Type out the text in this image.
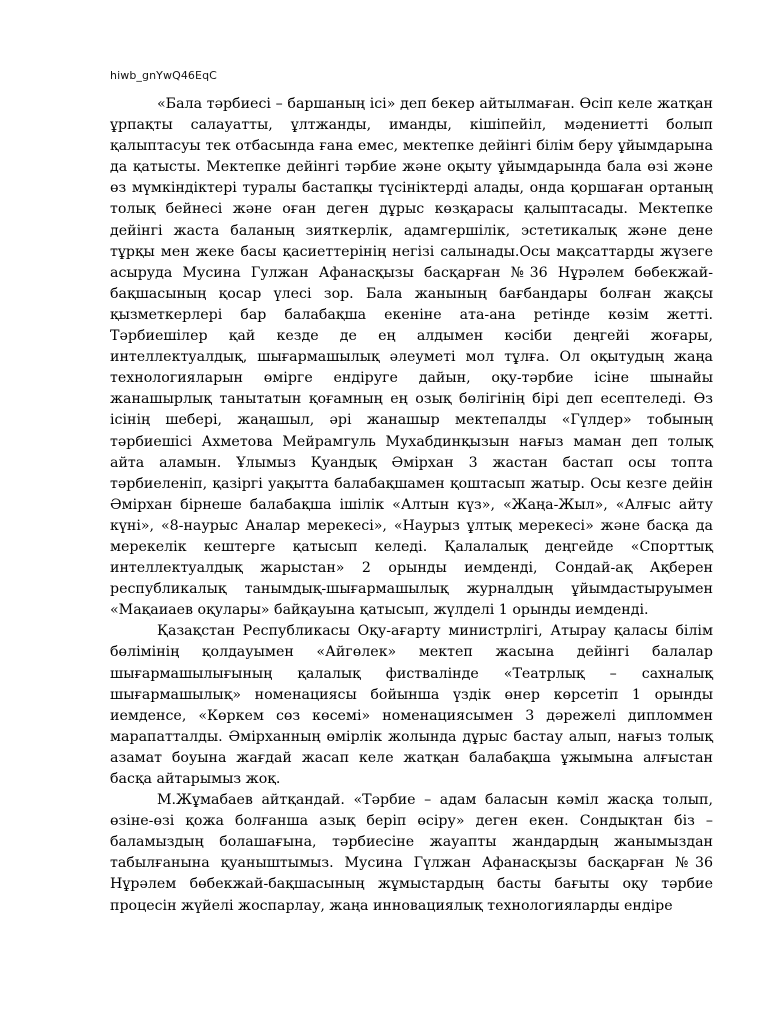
hiwb_gnYwQ46EqC

«Бала тәрбиесі – баршаның ісі» деп бекер айтылмаған. Өсіп келе жатқан ұрпақты салауатты, ұлтжанды, иманды, кішіпейіл, мәдениетті болып қалыптасуы тек отбасында ғана емес, мектепке дейінгі білім беру ұйымдарына да қатысты. Мектепке дейінгі тәрбие және оқыту ұйымдарында бала өзі және өз мүмкіндіктері туралы бастапқы түсініктерді алады, онда қоршаған ортаның толық бейнесі және оған деген дұрыс көзқарасы қалыптасады. Мектепке дейінгі жаста баланың зияткерлік, адамгершілік, эстетикалық және дене тұрқы мен жеке басы қасиеттерінің негізі салынады.Осы мақсаттарды жүзеге асыруда Мусина Гулжан Афанасқызы басқарған №36 Нұрәлем бөбекжай-бақшасының қосар үлесі зор. Бала жанының бағбандары болған жақсы қызметкерлері бар балабақша екеніне ата-ана ретінде көзім жетті. Тәрбиешілер қай кезде де ең алдымен кәсіби деңгейі жоғары, интеллектуалдық, шығармашылық әлеуметі мол тұлға. Ол оқытудың жаңа технологияларын өмірге ендіруге дайын, оқу-тәрбие ісіне шынайы жанашырлық танытатын қоғамның ең озық бөлігінің бірі деп есептеледі. Өз ісінің шебері, жаңашыл, әрі жанашыр мектепалды «Гүлдер» тобының тәрбиешісі Ахметова Мейрамгуль Мухабдинқызын нағыз маман деп толық айта аламын. Ұлымыз Қуандық Әмірхан 3 жастан бастап осы топта тәрбиеленіп, қазіргі уақытта балабақшамен қоштасып жатыр. Осы кезге дейін Әмірхан бірнеше балабақша ішілік «Алтын күз», «Жаңа-Жыл», «Алғыс айту күні», «8-наурыс Аналар мерекесі», «Наурыз ұлтық мерекесі» және басқа да мерекелік кештерге қатысып келеді. Қалалалық деңгейде «Спорттық интеллектуалдық жарыстан» 2 орынды иемденді, Сондай-ақ Ақберен республикалық танымдық-шығармашылық журналдың ұйымдастыруымен «Мақаиаев оқулары» байқауына қатысып, жүлделі 1 орынды иемденді.

Қазақстан Республикасы Оқу-ағарту министрлігі, Атырау қаласы білім бөлімінің қолдауымен «Айгөлек» мектеп жасына дейінгі балалар шығармашылығының қалалық фиствалінде «Театрлық – сахналық шығармашылық» номенациясы бойынша үздік өнер көрсетіп 1 орынды иемденсе, «Көркем сөз көсемі» номенациясымен 3 дәрежелі дипломмен марапатталды. Әмірханның өмірлік жолында дұрыс бастау алып, нағыз толық азамат боуына жағдай жасап келе жатқан балабақша ұжымына алғыстан басқа айтарымыз жоқ.

М.Жұмабаев айтқандай. «Тәрбие – адам баласын кәміл жасқа толып, өзіне-өзі қожа болғанша азық беріп өсіру» деген екен. Сондықтан біз – баламыздың болашағына, тәрбиесіне жауапты жандардың жанымыздан табылғанына қуаныштымыз. Мусина Гүлжан Афанасқызы басқарған №36 Нұрәлем бөбекжай-бақшасының жұмыстардың басты бағыты оқу тәрбие процесін жүйелі жоспарлау, жаңа инновациялық технологияларды ендіре
